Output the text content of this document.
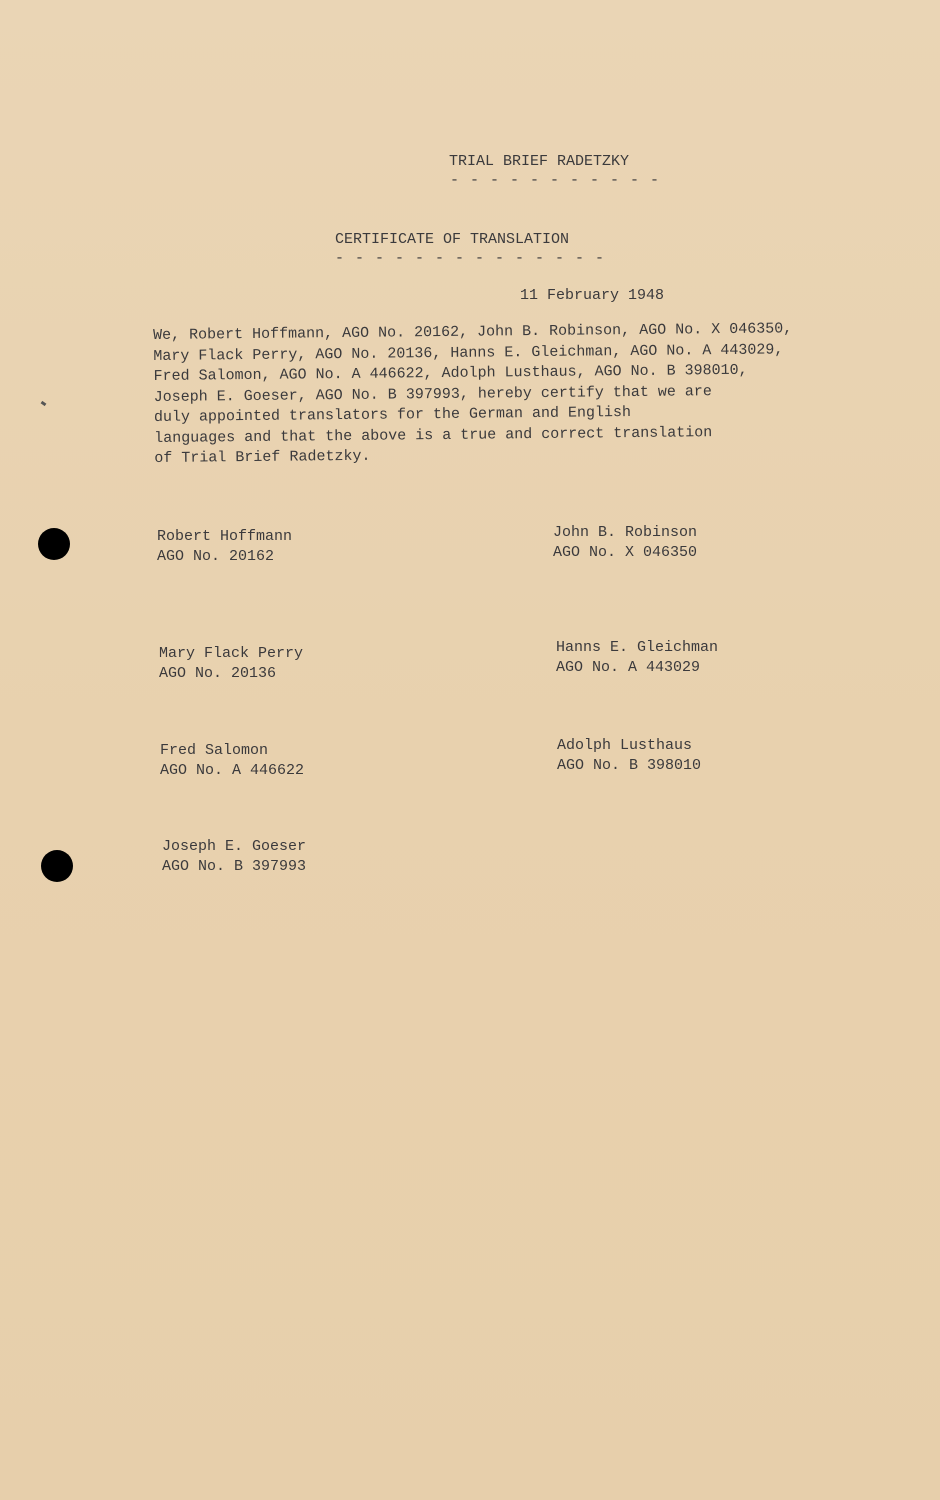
TRIAL BRIEF RADETZKY
- - - - - - - - - - -
CERTIFICATE OF TRANSLATION
- - - - - - - - - - - - - -
11 February 1948
We, Robert Hoffmann, AGO No. 20162, John B. Robinson, AGO No. X 046350,
Mary Flack Perry, AGO No. 20136, Hanns E. Gleichman, AGO No. A 443029,
Fred Salomon, AGO No. A 446622, Adolph Lusthaus, AGO No. B 398010,
Joseph E. Goeser, AGO No. B 397993, hereby certify that we are
duly appointed translators for the German and English
languages and that the above is a true and correct translation
of Trial Brief Radetzky.
Robert Hoffmann
AGO No. 20162
John B. Robinson
AGO No. X 046350
Mary Flack Perry
AGO No. 20136
Hanns E. Gleichman
AGO No. A 443029
Fred Salomon
AGO No. A 446622
Adolph Lusthaus
AGO No. B 398010
Joseph E. Goeser
AGO No. B 397993
